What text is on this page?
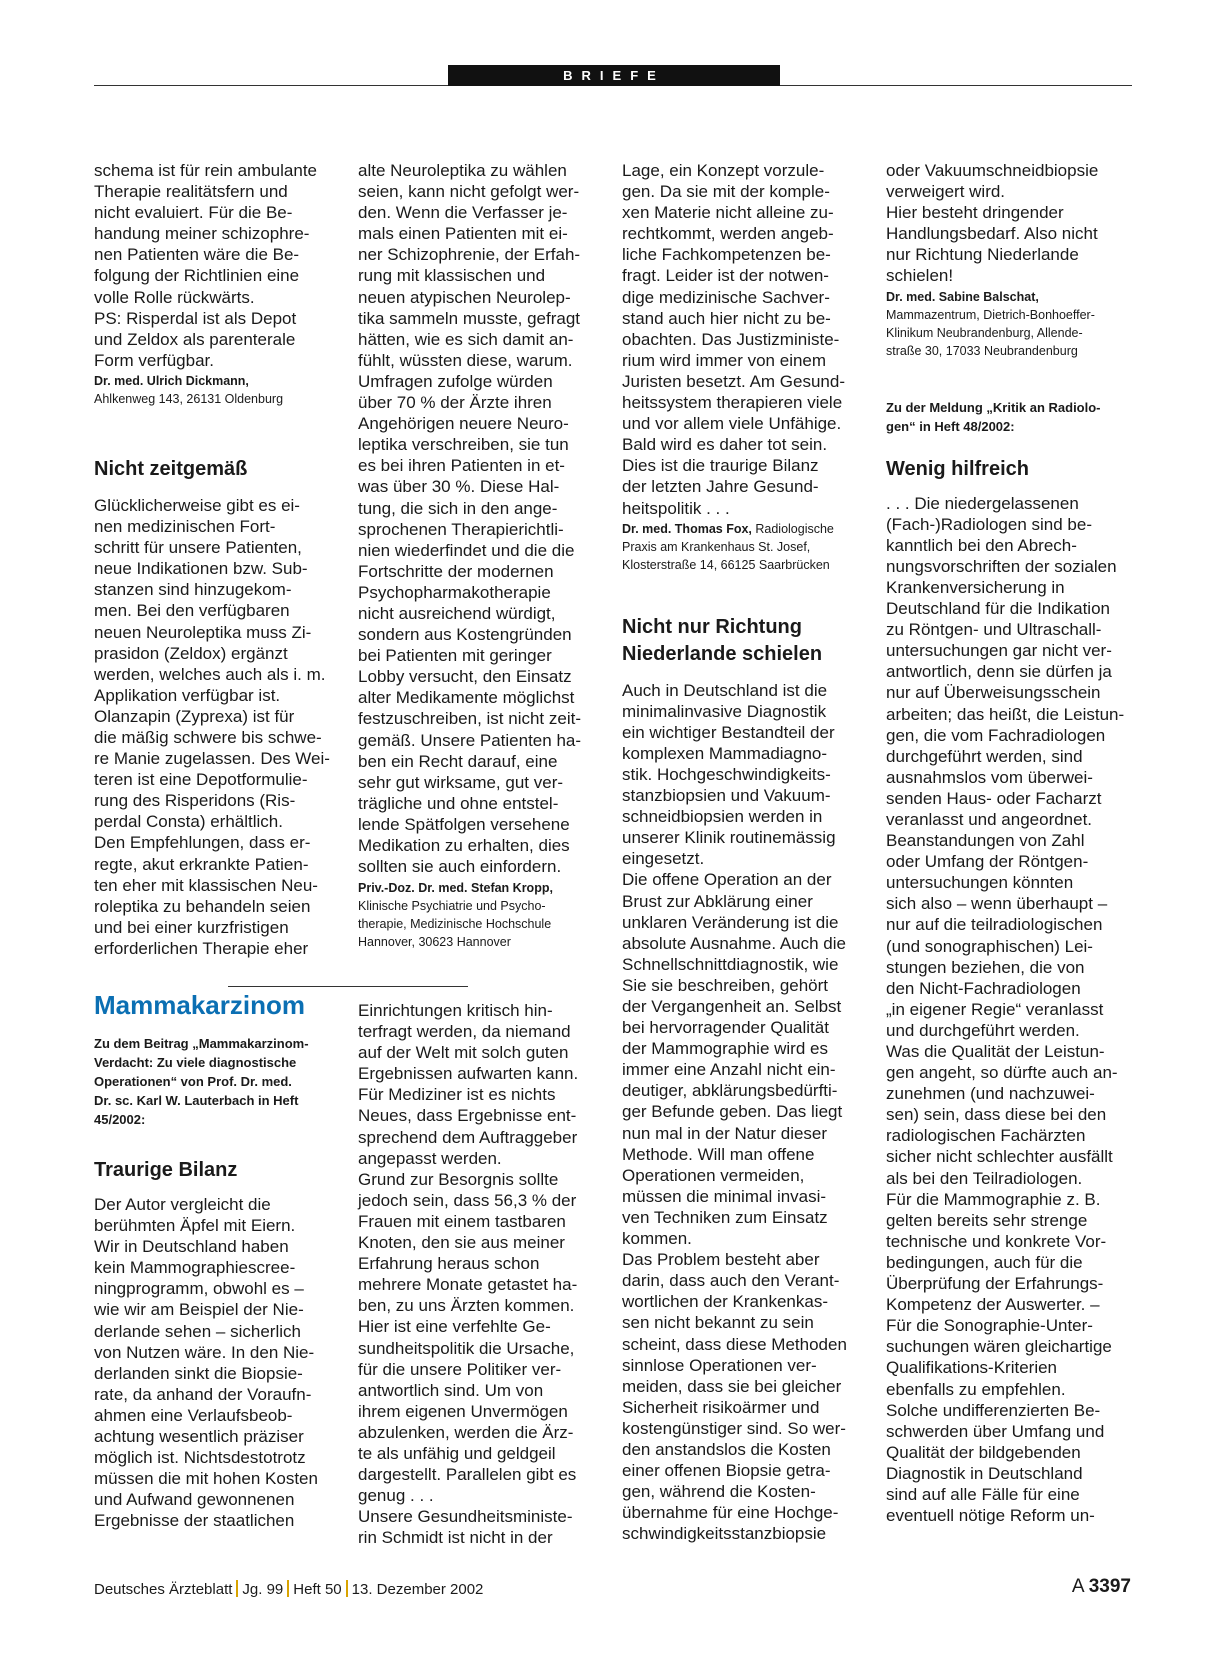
BRIEFE

schema ist für rein ambulante
Therapie realitätsfern und
nicht evaluiert. Für die Be-
handung meiner schizophre-
nen Patienten wäre die Be-
folgung der Richtlinien eine
volle Rolle rückwärts.
PS: Risperdal ist als Depot
und Zeldox als parenterale
Form verfügbar.

Dr. med. Ulrich Dickmann,
Ahlkenweg 143, 26131 Oldenburg

Nicht zeitgemäß

Glücklicherweise gibt es ei-
nen medizinischen Fort-
schritt für unsere Patienten,
neue Indikationen bzw. Sub-
stanzen sind hinzugekom-
men. Bei den verfügbaren
neuen Neuroleptika muss Zi-
prasidon (Zeldox) ergänzt
werden, welches auch als i. m.
Applikation verfügbar ist.
Olanzapin (Zyprexa) ist für
die mäßig schwere bis schwe-
re Manie zugelassen. Des Wei-
teren ist eine Depotformulie-
rung des Risperidons (Ris-
perdal Consta) erhältlich.
Den Empfehlungen, dass er-
regte, akut erkrankte Patien-
ten eher mit klassischen Neu-
roleptika zu behandeln seien
und bei einer kurzfristigen
erforderlichen Therapie eher

alte Neuroleptika zu wählen
seien, kann nicht gefolgt wer-
den. Wenn die Verfasser je-
mals einen Patienten mit ei-
ner Schizophrenie, der Erfah-
rung mit klassischen und
neuen atypischen Neurolep-
tika sammeln musste, gefragt
hätten, wie es sich damit an-
fühlt, wüssten diese, warum.
Umfragen zufolge würden
über 70 % der Ärzte ihren
Angehörigen neuere Neuro-
leptika verschreiben, sie tun
es bei ihren Patienten in et-
was über 30 %. Diese Hal-
tung, die sich in den ange-
sprochenen Therapierichtli-
nien wiederfindet und die die
Fortschritte der modernen
Psychopharmakotherapie
nicht ausreichend würdigt,
sondern aus Kostengründen
bei Patienten mit geringer
Lobby versucht, den Einsatz
alter Medikamente möglichst
festzuschreiben, ist nicht zeit-
gemäß. Unsere Patienten ha-
ben ein Recht darauf, eine
sehr gut wirksame, gut ver-
trägliche und ohne entstel-
lende Spätfolgen versehene
Medikation zu erhalten, dies
sollten sie auch einfordern.

Priv.-Doz. Dr. med. Stefan Kropp,
Klinische Psychiatrie und Psycho-
therapie, Medizinische Hochschule
Hannover, 30623 Hannover

Mammakarzinom

Zu dem Beitrag „Mammakarzinom-
Verdacht: Zu viele diagnostische
Operationen“ von Prof. Dr. med.
Dr. sc. Karl W. Lauterbach in Heft
45/2002:

Traurige Bilanz

Der Autor vergleicht die
berühmten Äpfel mit Eiern.
Wir in Deutschland haben
kein Mammographiescree-
ningprogramm, obwohl es –
wie wir am Beispiel der Nie-
derlande sehen – sicherlich
von Nutzen wäre. In den Nie-
derlanden sinkt die Biopsie-
rate, da anhand der Voraufn-
ahmen eine Verlaufsbeob-
achtung wesentlich präziser
möglich ist. Nichtsdestotrotz
müssen die mit hohen Kosten
und Aufwand gewonnenen
Ergebnisse der staatlichen

Einrichtungen kritisch hin-
terfragt werden, da niemand
auf der Welt mit solch guten
Ergebnissen aufwarten kann.
Für Mediziner ist es nichts
Neues, dass Ergebnisse ent-
sprechend dem Auftraggeber
angepasst werden.
Grund zur Besorgnis sollte
jedoch sein, dass 56,3 % der
Frauen mit einem tastbaren
Knoten, den sie aus meiner
Erfahrung heraus schon
mehrere Monate getastet ha-
ben, zu uns Ärzten kommen.
Hier ist eine verfehlte Ge-
sundheitspolitik die Ursache,
für die unsere Politiker ver-
antwortlich sind. Um von
ihrem eigenen Unvermögen
abzulenken, werden die Ärz-
te als unfähig und geldgeil
dargestellt. Parallelen gibt es
genug . . .
Unsere Gesundheitsministe-
rin Schmidt ist nicht in der

Lage, ein Konzept vorzule-
gen. Da sie mit der komple-
xen Materie nicht alleine zu-
rechtkommt, werden angeb-
liche Fachkompetenzen be-
fragt. Leider ist der notwen-
dige medizinische Sachver-
stand auch hier nicht zu be-
obachten. Das Justizministe-
rium wird immer von einem
Juristen besetzt. Am Gesund-
heitssystem therapieren viele
und vor allem viele Unfähige.
Bald wird es daher tot sein.
Dies ist die traurige Bilanz
der letzten Jahre Gesund-
heitspolitik . . .

Dr. med. Thomas Fox, Radiologische
Praxis am Krankenhaus St. Josef,
Klosterstraße 14, 66125 Saarbrücken

Nicht nur Richtung
Niederlande schielen

Auch in Deutschland ist die
minimalinvasive Diagnostik
ein wichtiger Bestandteil der
komplexen Mammadiagno-
stik. Hochgeschwindigkeits-
stanzbiopsien und Vakuum-
schneidbiopsien werden in
unserer Klinik routinemässig
eingesetzt.
Die offene Operation an der
Brust zur Abklärung einer
unklaren Veränderung ist die
absolute Ausnahme. Auch die
Schnellschnittdiagnostik, wie
Sie sie beschreiben, gehört
der Vergangenheit an. Selbst
bei hervorragender Qualität
der Mammographie wird es
immer eine Anzahl nicht ein-
deutiger, abklärungsbedürfti-
ger Befunde geben. Das liegt
nun mal in der Natur dieser
Methode. Will man offene
Operationen vermeiden,
müssen die minimal invasi-
ven Techniken zum Einsatz
kommen.
Das Problem besteht aber
darin, dass auch den Verant-
wortlichen der Krankenkas-
sen nicht bekannt zu sein
scheint, dass diese Methoden
sinnlose Operationen ver-
meiden, dass sie bei gleicher
Sicherheit risikoärmer und
kostengünstiger sind. So wer-
den anstandslos die Kosten
einer offenen Biopsie getra-
gen, während die Kosten-
übernahme für eine Hochge-
schwindigkeitsstanzbiopsie

oder Vakuumschneidbiopsie
verweigert wird.
Hier besteht dringender
Handlungsbedarf. Also nicht
nur Richtung Niederlande
schielen!

Dr. med. Sabine Balschat,
Mammazentrum, Dietrich-Bonhoeffer-
Klinikum Neubrandenburg, Allende-
straße 30, 17033 Neubrandenburg

Zu der Meldung „Kritik an Radiolo-
gen“ in Heft 48/2002:

Wenig hilfreich

. . . Die niedergelassenen
(Fach-)Radiologen sind be-
kanntlich bei den Abrech-
nungsvorschriften der sozialen
Krankenversicherung in
Deutschland für die Indikation
zu Röntgen- und Ultraschall-
untersuchungen gar nicht ver-
antwortlich, denn sie dürfen ja
nur auf Überweisungsschein
arbeiten; das heißt, die Leistun-
gen, die vom Fachradiologen
durchgeführt werden, sind
ausnahmslos vom überwei-
senden Haus- oder Facharzt
veranlasst und angeordnet.
Beanstandungen von Zahl
oder Umfang der Röntgen-
untersuchungen könnten
sich also – wenn überhaupt –
nur auf die teilradiologischen
(und sonographischen) Lei-
stungen beziehen, die von
den Nicht-Fachradiologen
„in eigener Regie“ veranlasst
und durchgeführt werden.
Was die Qualität der Leistun-
gen angeht, so dürfte auch an-
zunehmen (und nachzuwei-
sen) sein, dass diese bei den
radiologischen Fachärzten
sicher nicht schlechter ausfällt
als bei den Teilradiologen.
Für die Mammographie z. B.
gelten bereits sehr strenge
technische und konkrete Vor-
bedingungen, auch für die
Überprüfung der Erfahrungs-
Kompetenz der Auswerter. –
Für die Sonographie-Unter-
suchungen wären gleichartige
Qualifikations-Kriterien
ebenfalls zu empfehlen.
Solche undifferenzierten Be-
schwerden über Umfang und
Qualität der bildgebenden
Diagnostik in Deutschland
sind auf alle Fälle für eine
eventuell nötige Reform un-

Deutsches Ärzteblatt Jg. 99 Heft 50 13. Dezember 2002	A 3397
